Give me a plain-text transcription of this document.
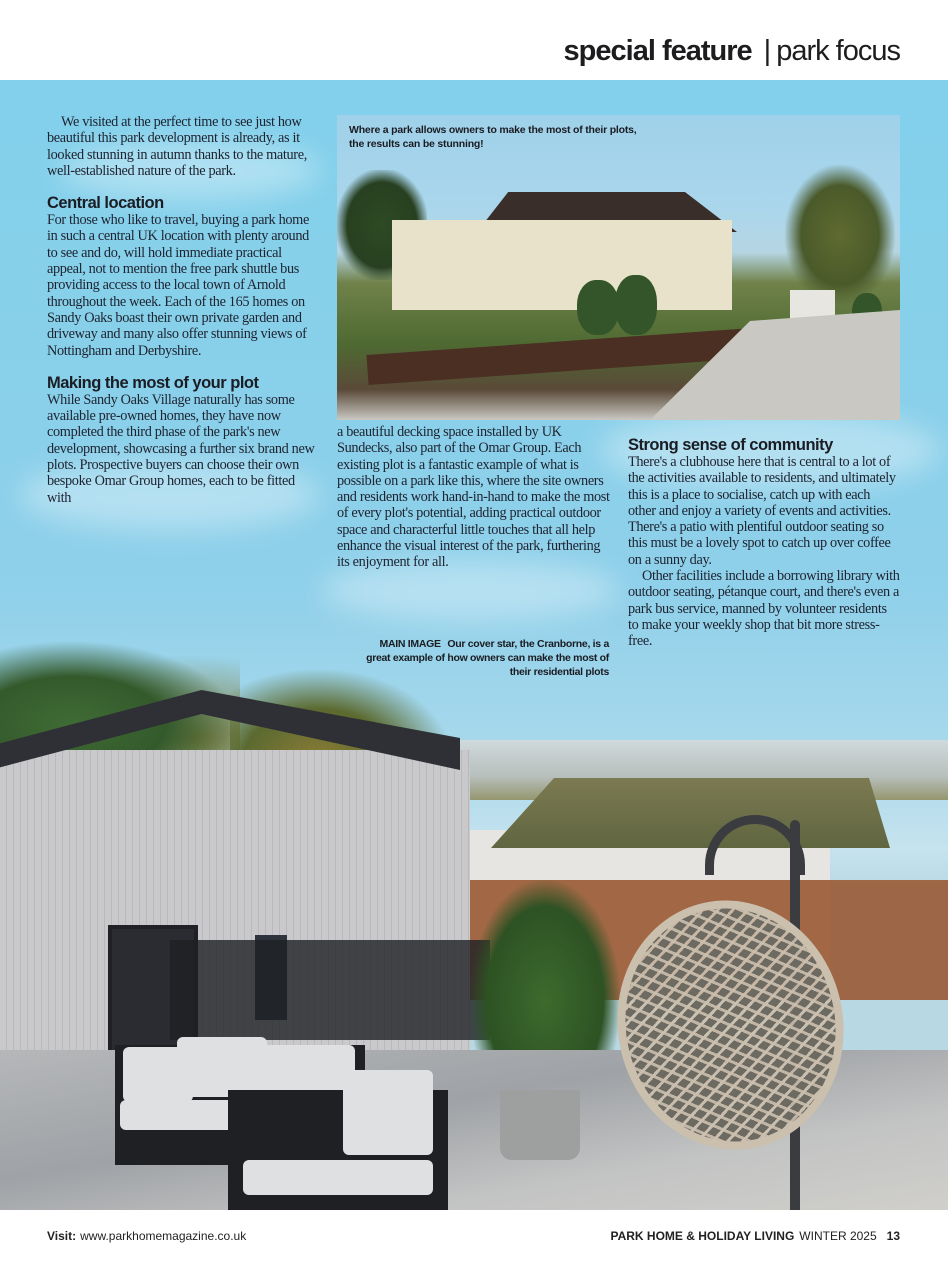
special feature | park focus
Where a park allows owners to make the most of their plots, the results can be stunning!

We visited at the perfect time to see just how beautiful this park development is already, as it looked stunning in autumn thanks to the mature, well-established nature of the park.

Central location

For those who like to travel, buying a park home in such a central UK location with plenty around to see and do, will hold immediate practical appeal, not to mention the free park shuttle bus providing access to the local town of Arnold throughout the week. Each of the 165 homes on Sandy Oaks boast their own private garden and driveway and many also offer stunning views of Nottingham and Derbyshire.

Making the most of your plot

While Sandy Oaks Village naturally has some available pre-owned homes, they have now completed the third phase of the park's new development, showcasing a further six brand new plots. Prospective buyers can choose their own bespoke Omar Group homes, each to be fitted with

a beautiful decking space installed by UK Sundecks, also part of the Omar Group. Each existing plot is a fantastic example of what is possible on a park like this, where the site owners and residents work hand-in-hand to make the most of every plot's potential, adding practical outdoor space and characterful little touches that all help enhance the visual interest of the park, furthering its enjoyment for all.

Strong sense of community

There's a clubhouse here that is central to a lot of the activities available to residents, and ultimately this is a place to socialise, catch up with each other and enjoy a variety of events and activities. There's a patio with plentiful outdoor seating so this must be a lovely spot to catch up over coffee on a sunny day.

Other facilities include a borrowing library with outdoor seating, pétanque court, and there's even a park bus service, manned by volunteer residents to make your weekly shop that bit more stress-free.

MAIN IMAGE Our cover star, the Cranborne, is a great example of how owners can make the most of their residential plots
Visit: www.parkhomemagazine.co.uk	PARK HOME & HOLIDAY LIVING WINTER 2025 13
